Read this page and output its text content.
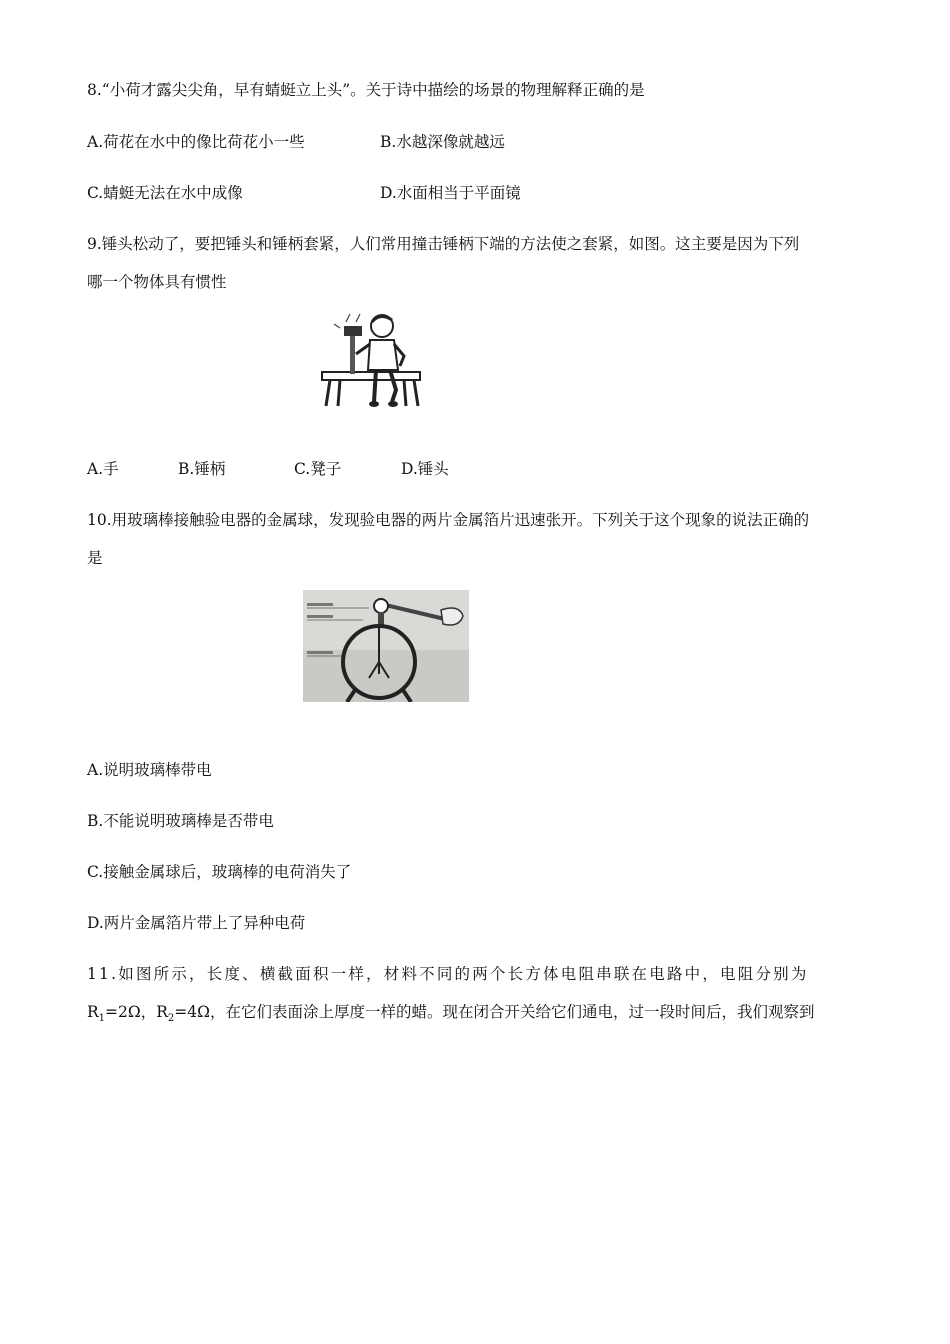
8.“小荷才露尖尖角，早有蜻蜓立上头”。关于诗中描绘的场景的物理解释正确的是
A.荷花在水中的像比荷花小一些	B.水越深像就越远
C.蜻蜓无法在水中成像	D.水面相当于平面镜
9.锤头松动了，要把锤头和锤柄套紧，人们常用撞击锤柄下端的方法使之套紧，如图。这主要是因为下列
哪一个物体具有惯性
A.手	B.锤柄	C.凳子	D.锤头
10.用玻璃棒接触验电器的金属球，发现验电器的两片金属箔片迅速张开。下列关于这个现象的说法正确的
是
A.说明玻璃棒带电
B.不能说明玻璃棒是否带电
C.接触金属球后，玻璃棒的电荷消失了
D.两片金属箔片带上了异种电荷
11.如图所示，长度、横截面积一样，材料不同的两个长方体电阻串联在电路中，电阻分别为
$R_1=2\Omega$，$R_2=4\Omega$，在它们表面涂上厚度一样的蜡。现在闭合开关给它们通电，过一段时间后，我们观察到
